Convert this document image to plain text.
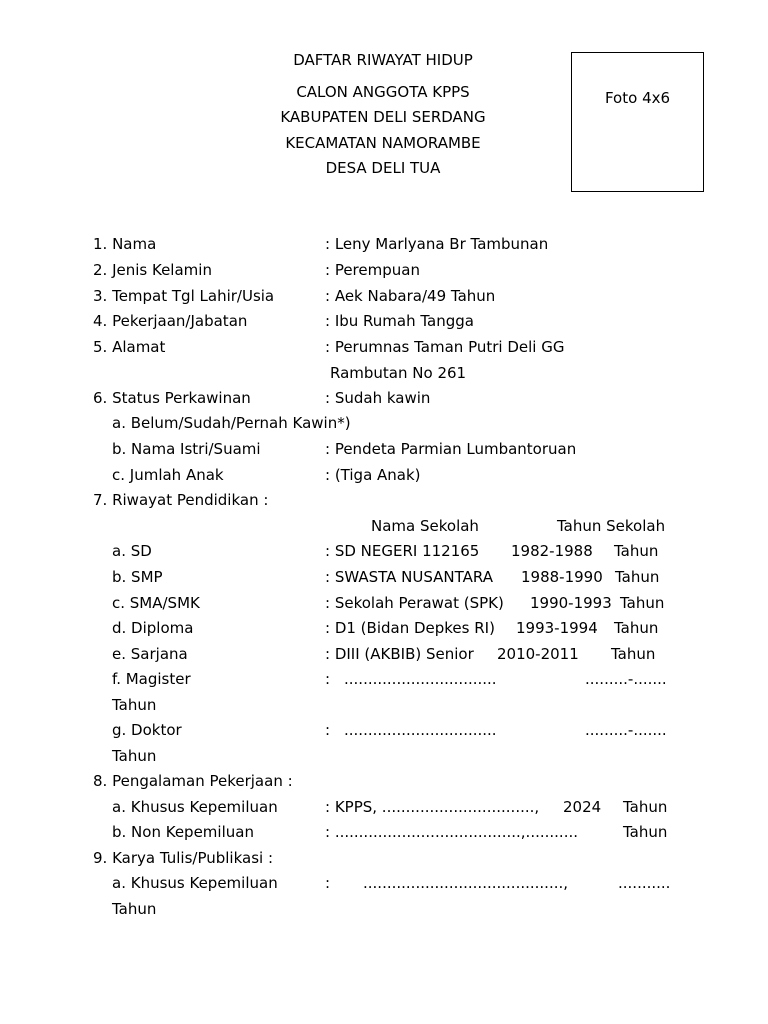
DAFTAR RIWAYAT HIDUP
CALON ANGGOTA KPPS
KABUPATEN DELI SERDANG
KECAMATAN NAMORAMBE
DESA DELI TUA
Foto 4x6
1. Nama	: Leny Marlyana Br Tambunan
2. Jenis Kelamin	: Perempuan
3. Tempat Tgl Lahir/Usia	: Aek Nabara/49 Tahun
4. Pekerjaan/Jabatan	: Ibu Rumah Tangga
5. Alamat	: Perumnas Taman Putri Deli GG
Rambutan No 261
6. Status Perkawinan	: Sudah kawin
a. Belum/Sudah/Pernah Kawin*)
b. Nama Istri/Suami	: Pendeta Parmian Lumbantoruan
c. Jumlah Anak	: (Tiga Anak)
7. Riwayat Pendidikan :
Nama Sekolah	Tahun Sekolah
a. SD	: SD NEGERI 112165 1982-1988 Tahun
b. SMP	: SWASTA NUSANTARA 1988-1990 Tahun
c. SMA/SMK	: Sekolah Perawat (SPK) 1990-1993 Tahun
d. Diploma	: D1 (Bidan Depkes RI) 1993-1994 Tahun
e. Sarjana	: DIII (AKBIB) Senior 2010-2011 Tahun
f. Magister	: ................................	.........-.......
Tahun
g. Doktor	: ................................	.........-.......
Tahun
8. Pengalaman Pekerjaan :
a. Khusus Kepemiluan	: KPPS, ................................, 2024 Tahun
b. Non Kepemiluan	: .......................................,...........	Tahun
9. Karya Tulis/Publikasi :
a. Khusus Kepemiluan	: ..........................................,	...........
Tahun
